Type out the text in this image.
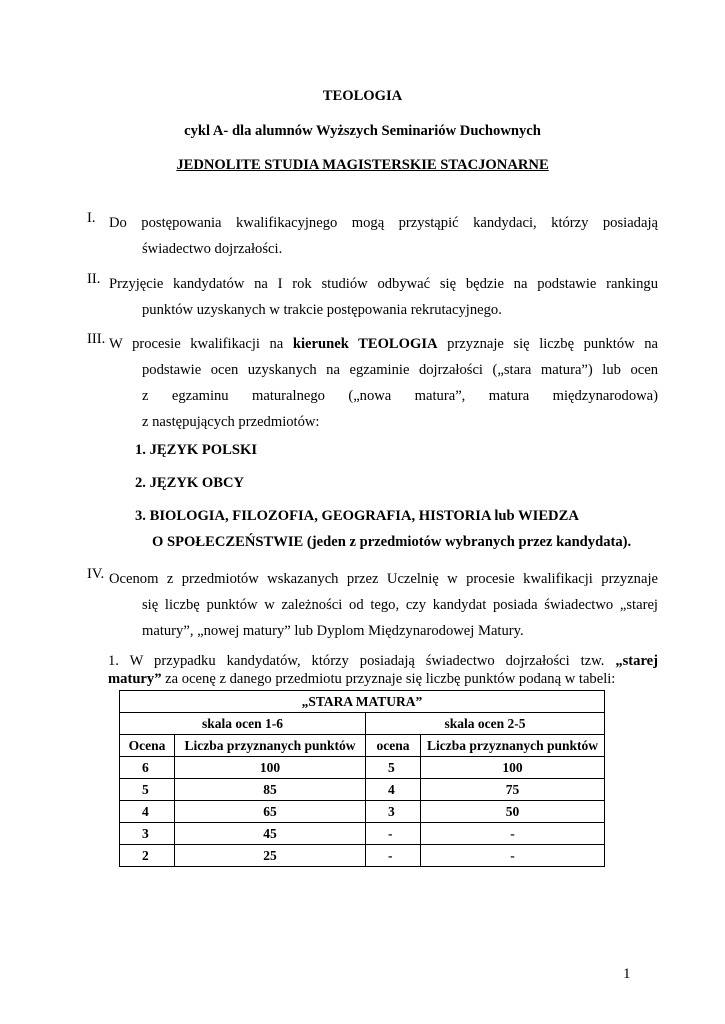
TEOLOGIA
cykl A- dla alumnów Wyższych Seminariów Duchownych
JEDNOLITE STUDIA MAGISTERSKIE STACJONARNE
I. Do postępowania kwalifikacyjnego mogą przystąpić kandydaci, którzy posiadają
świadectwo dojrzałości.
II. Przyjęcie kandydatów na I rok studiów odbywać się będzie na podstawie rankingu
punktów uzyskanych w trakcie postępowania rekrutacyjnego.
III. W procesie kwalifikacji na kierunek TEOLOGIA przyznaje się liczbę punktów na
podstawie ocen uzyskanych na egzaminie dojrzałości („stara matura”) lub ocen
z egzaminu maturalnego („nowa matura”, matura międzynarodowa)
z następujących przedmiotów:
1. JĘZYK POLSKI
2. JĘZYK OBCY
3. BIOLOGIA, FILOZOFIA, GEOGRAFIA, HISTORIA lub WIEDZA
O SPOŁECZEŃSTWIE (jeden z przedmiotów wybranych przez kandydata).
IV. Ocenom z przedmiotów wskazanych przez Uczelnię w procesie kwalifikacji przyznaje
się liczbę punktów w zależności od tego, czy kandydat posiada świadectwo „starej
matury”, „nowej matury” lub Dyplom Międzynarodowej Matury.
1. W przypadku kandydatów, którzy posiadają świadectwo dojrzałości tzw. „starej
matury” za ocenę z danego przedmiotu przyznaje się liczbę punktów podaną w tabeli:
„STARA MATURA”			
skala ocen 1-6		skala ocen 2-5	
Ocena	Liczba przyznanych punktów	ocena	Liczba przyznanych punktów
6	100	5	100
5	85	4	75
4	65	3	50
3	45	-	-
2	25	-	-
1
